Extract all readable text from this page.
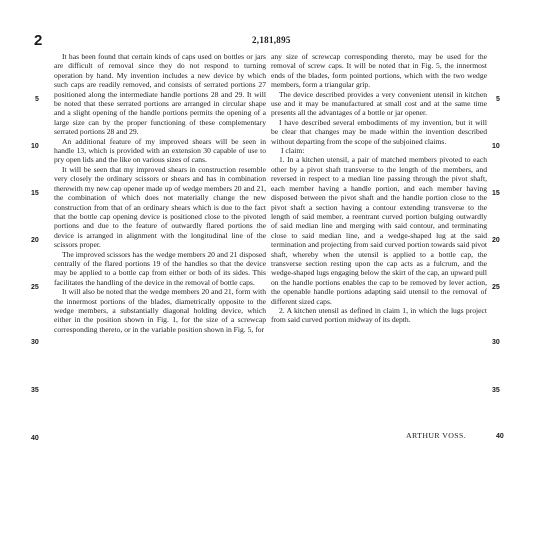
2	2,181,895

It has been found that certain kinds of caps used on bottles or jars are difficult of removal since they do not respond to turning operation by hand. My invention includes a new device by which such caps are readily removed, and consists of serrated portions 27 positioned along the intermediate handle portions 28 and 29. It will be noted that these serrated portions are arranged in circular shape and a slight opening of the handle portions permits the opening of a large size can by the proper functioning of these complementary serrated portions 28 and 29.

An additional feature of my improved shears will be seen in handle 13, which is provided with an extension 30 capable of use to pry open lids and the like on various sizes of cans.

It will be seen that my improved shears in construction resemble very closely the ordinary scissors or shears and has in combination therewith my new cap opener made up of wedge members 20 and 21, the combination of which does not materially change the new construction from that of an ordinary shears which is due to the fact that the bottle cap opening device is positioned close to the pivoted portions and due to the feature of outwardly flared portions the device is arranged in alignment with the longitudinal line of the scissors proper.

The improved scissors has the wedge members 20 and 21 disposed centrally of the flared portions 19 of the handles so that the device may be applied to a bottle cap from either or both of its sides. This facilitates the handling of the device in the removal of bottle caps.

It will also be noted that the wedge members 20 and 21, form with the innermost portions of the blades, diametrically opposite to the wedge members, a substantially diagonal holding device, which either in the position shown in Fig. 1, for the size of a screwcap corresponding thereto, or in the variable position shown in Fig. 5, for

any size of screwcap corresponding thereto, may be used for the removal of screw caps. It will be noted that in Fig. 5, the innermost ends of the blades, form pointed portions, which with the two wedge members, form a triangular grip.

The device described provides a very convenient utensil in kitchen use and it may be manufactured at small cost and at the same time presents all the advantages of a bottle or jar opener.

I have described several embodiments of my invention, but it will be clear that changes may be made within the invention described without departing from the scope of the subjoined claims.

I claim:

1. In a kitchen utensil, a pair of matched members pivoted to each other by a pivot shaft transverse to the length of the members, and reversed in respect to a median line passing through the pivot shaft, each member having a handle portion, and each member having disposed between the pivot shaft and the handle portion close to the pivot shaft a section having a contour extending transverse to the length of said member, a reentrant curved portion bulging outwardly of said median line and merging with said contour, and terminating close to said median line, and a wedge-shaped lug at the said termination and projecting from said curved portion towards said pivot shaft, whereby when the utensil is applied to a bottle cap, the transverse section resting upon the cap acts as a fulcrum, and the wedge-shaped lugs engaging below the skirt of the cap, an upward pull on the handle portions enables the cap to be removed by lever action, the openable handle portions adapting said utensil to the removal of different sized caps.

2. A kitchen utensil as defined in claim 1, in which the lugs project from said curved portion midway of its depth.

ARTHUR VOSS.
5
10
15
20
25
30
35
40
5
10
15
20
25
30
35
40
